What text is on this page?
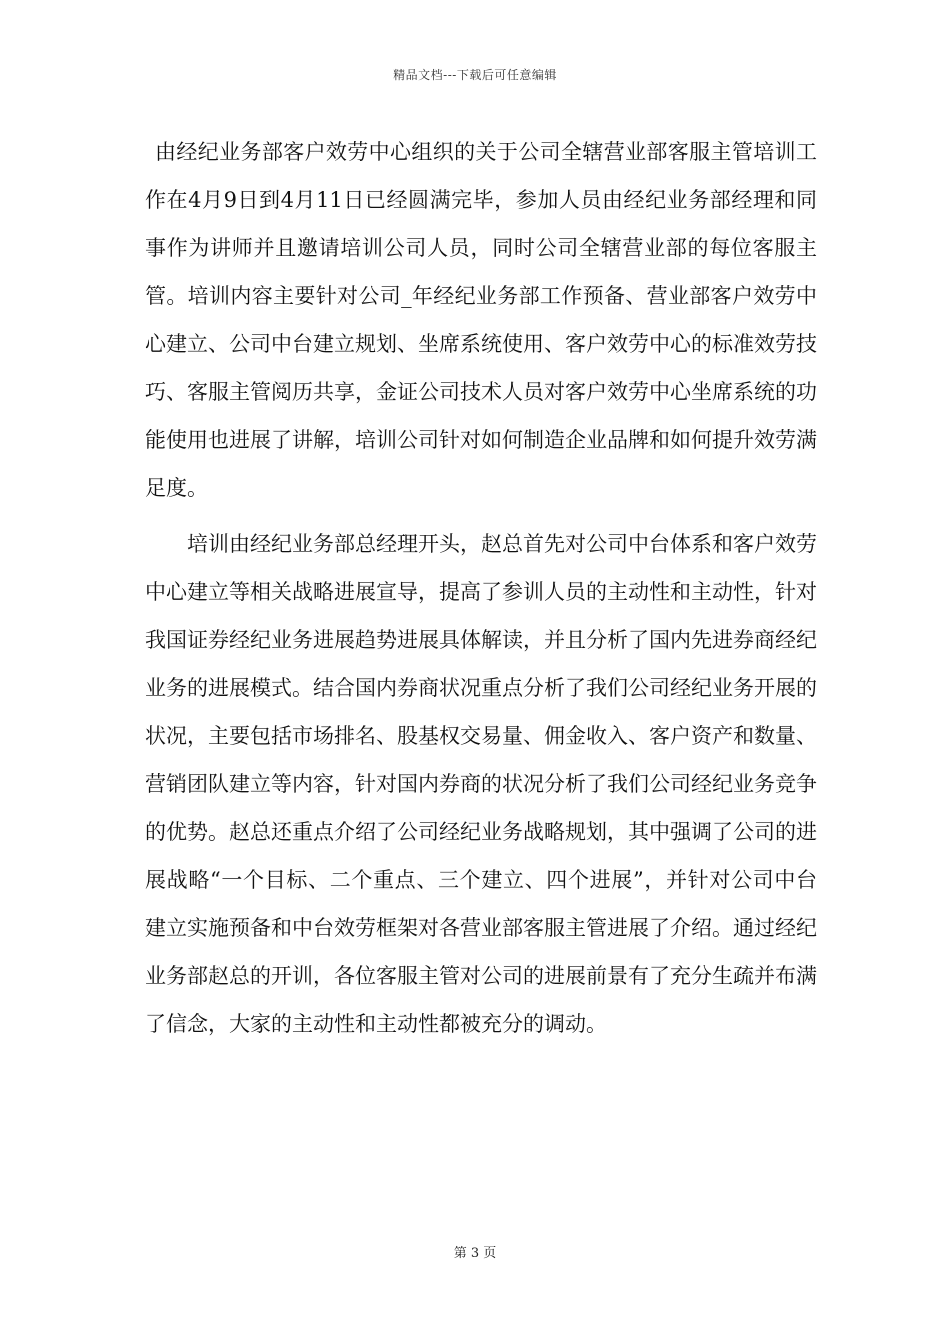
精品文档---下载后可任意编辑

由经纪业务部客户效劳中心组织的关于公司全辖营业部客服主管培训工作在4月9日到4月11日已经圆满完毕，参加人员由经纪业务部经理和同事作为讲师并且邀请培训公司人员，同时公司全辖营业部的每位客服主管。培训内容主要针对公司_年经纪业务部工作预备、营业部客户效劳中心建立、公司中台建立规划、坐席系统使用、客户效劳中心的标准效劳技巧、客服主管阅历共享，金证公司技术人员对客户效劳中心坐席系统的功能使用也进展了讲解，培训公司针对如何制造企业品牌和如何提升效劳满足度。

培训由经纪业务部总经理开头，赵总首先对公司中台体系和客户效劳中心建立等相关战略进展宣导，提高了参训人员的主动性和主动性，针对我国证券经纪业务进展趋势进展具体解读，并且分析了国内先进券商经纪业务的进展模式。结合国内券商状况重点分析了我们公司经纪业务开展的状况，主要包括市场排名、股基权交易量、佣金收入、客户资产和数量、营销团队建立等内容，针对国内券商的状况分析了我们公司经纪业务竞争的优势。赵总还重点介绍了公司经纪业务战略规划，其中强调了公司的进展战略“一个目标、二个重点、三个建立、四个进展”，并针对公司中台建立实施预备和中台效劳框架对各营业部客服主管进展了介绍。通过经纪业务部赵总的开训，各位客服主管对公司的进展前景有了充分生疏并布满了信念，大家的主动性和主动性都被充分的调动。

第 3 页
